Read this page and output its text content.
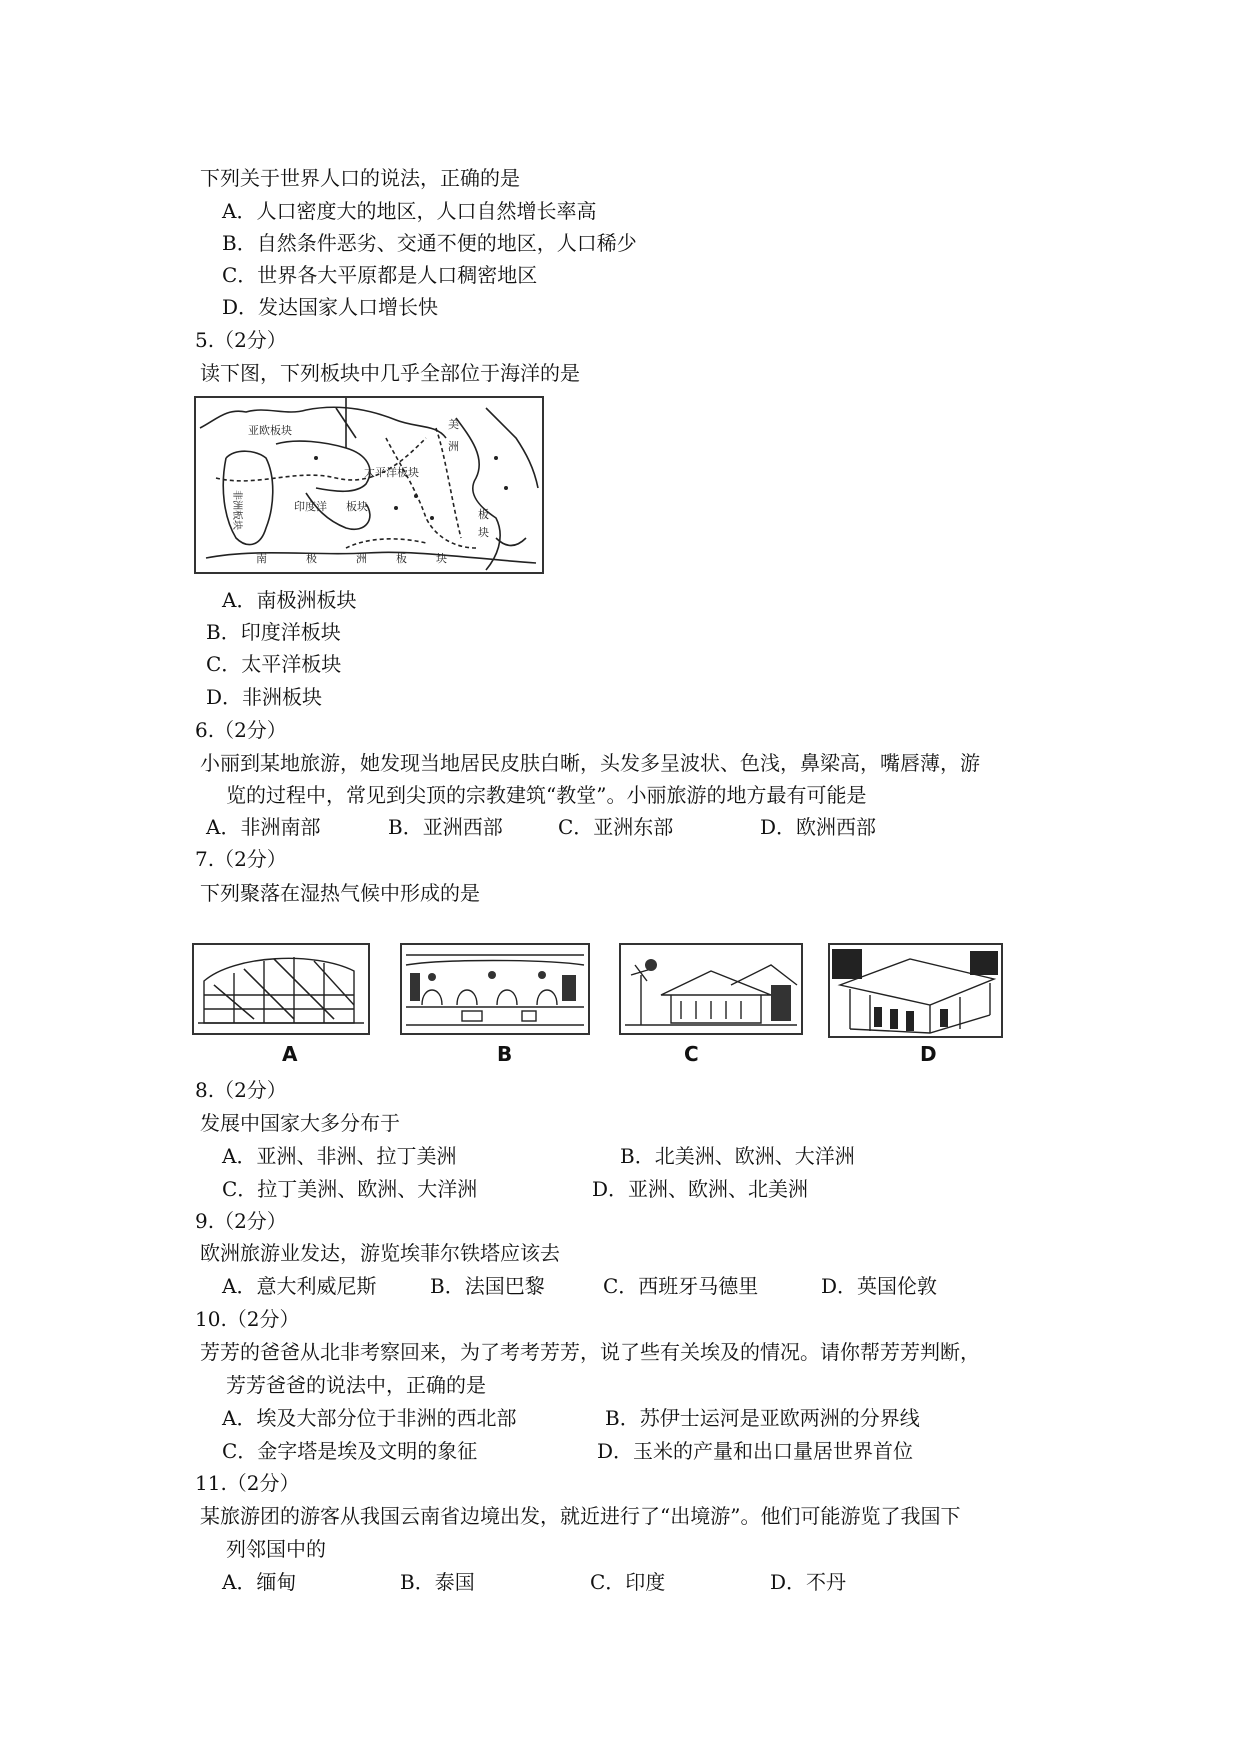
下列关于世界人口的说法，正确的是
A．人口密度大的地区，人口自然增长率高
B．自然条件恶劣、交通不便的地区，人口稀少
C．世界各大平原都是人口稠密地区
D．发达国家人口增长快
5.（2分）
读下图，下列板块中几乎全部位于海洋的是
亚欧板块
太平洋板块
非洲板块	印度洋 板块
南	极	洲	板	块
美
洲
板
块
A．南极洲板块
B．印度洋板块
C．太平洋板块
D．非洲板块
6.（2分）
小丽到某地旅游，她发现当地居民皮肤白晰，头发多呈波状、色浅，鼻梁高，嘴唇薄，游
览的过程中，常见到尖顶的宗教建筑“教堂”。小丽旅游的地方最有可能是
A．非洲南部	B．亚洲西部	C．亚洲东部	D．欧洲西部
7.（2分）
下列聚落在湿热气候中形成的是
A	B	C	D
8.（2分）
发展中国家大多分布于
A．亚洲、非洲、拉丁美洲	B．北美洲、欧洲、大洋洲
C．拉丁美洲、欧洲、大洋洲	D．亚洲、欧洲、北美洲
9.（2分）
欧洲旅游业发达，游览埃菲尔铁塔应该去
A．意大利威尼斯	B．法国巴黎	C．西班牙马德里	D．英国伦敦
10.（2分）
芳芳的爸爸从北非考察回来，为了考考芳芳，说了些有关埃及的情况。请你帮芳芳判断，
芳芳爸爸的说法中，正确的是
A．埃及大部分位于非洲的西北部	B．苏伊士运河是亚欧两洲的分界线
C．金字塔是埃及文明的象征	D．玉米的产量和出口量居世界首位
11.（2分）
某旅游团的游客从我国云南省边境出发，就近进行了“出境游”。他们可能游览了我国下
列邻国中的
A．缅甸	B．泰国	C．印度	D．不丹
